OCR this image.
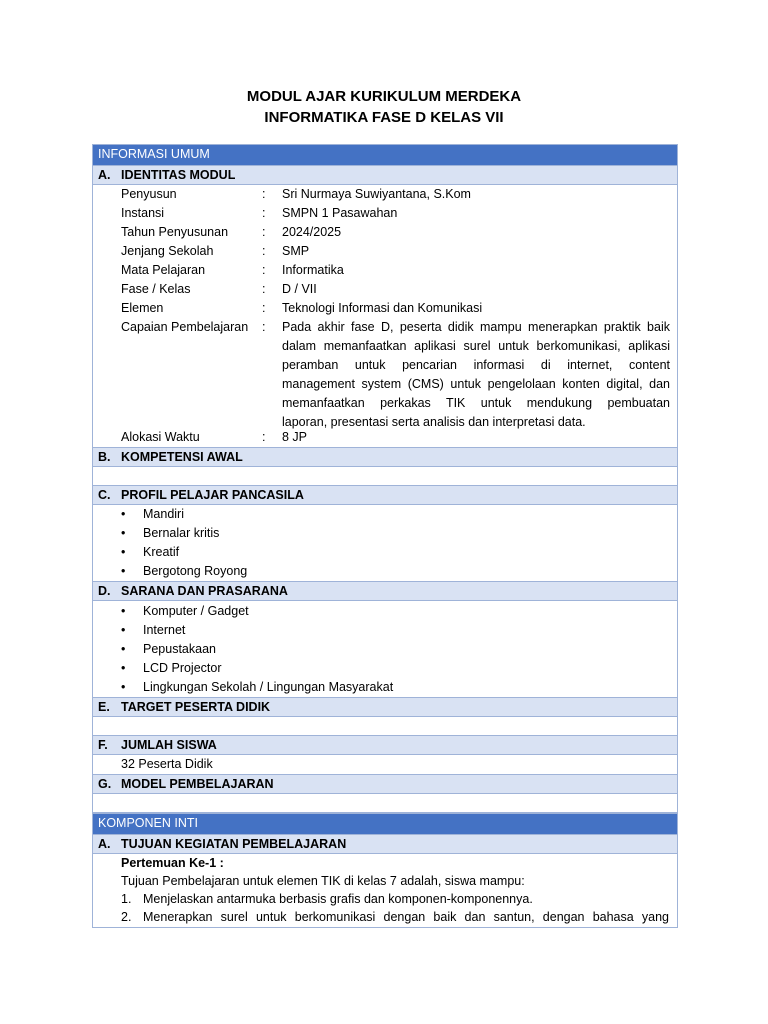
MODUL AJAR KURIKULUM MERDEKA
INFORMATIKA FASE D KELAS VII
INFORMASI UMUM
A. IDENTITAS MODUL
Penyusun	: Sri Nurmaya Suwiyantana, S.Kom
Instansi	: SMPN 1 Pasawahan
Tahun Penyusunan	: 2024/2025
Jenjang Sekolah	: SMP
Mata Pelajaran	: Informatika
Fase / Kelas	: D / VII
Elemen	: Teknologi Informasi dan Komunikasi
Capaian Pembelajaran : Pada akhir fase D, peserta didik mampu menerapkan praktik baik
dalam memanfaatkan aplikasi surel untuk berkomunikasi, aplikasi
peramban untuk pencarian informasi di internet, content
management system (CMS) untuk pengelolaan konten digital, dan
memanfaatkan perkakas TIK untuk mendukung pembuatan
laporan, presentasi serta analisis dan interpretasi data.
Alokasi Waktu	: 8 JP
B. KOMPETENSI AWAL
C. PROFIL PELAJAR PANCASILA
• Mandiri
• Bernalar kritis
• Kreatif
• Bergotong Royong
D. SARANA DAN PRASARANA
• Komputer / Gadget
• Internet
• Pepustakaan
• LCD Projector
• Lingkungan Sekolah / Lingungan Masyarakat
E. TARGET PESERTA DIDIK
F. JUMLAH SISWA
32 Peserta Didik
G. MODEL PEMBELAJARAN
KOMPONEN INTI
A. TUJUAN KEGIATAN PEMBELAJARAN
Pertemuan Ke-1 :
Tujuan Pembelajaran untuk elemen TIK di kelas 7 adalah, siswa mampu:
1. Menjelaskan antarmuka berbasis grafis dan komponen-komponennya.
2. Menerapkan surel untuk berkomunikasi dengan baik dan santun, dengan bahasa yang
